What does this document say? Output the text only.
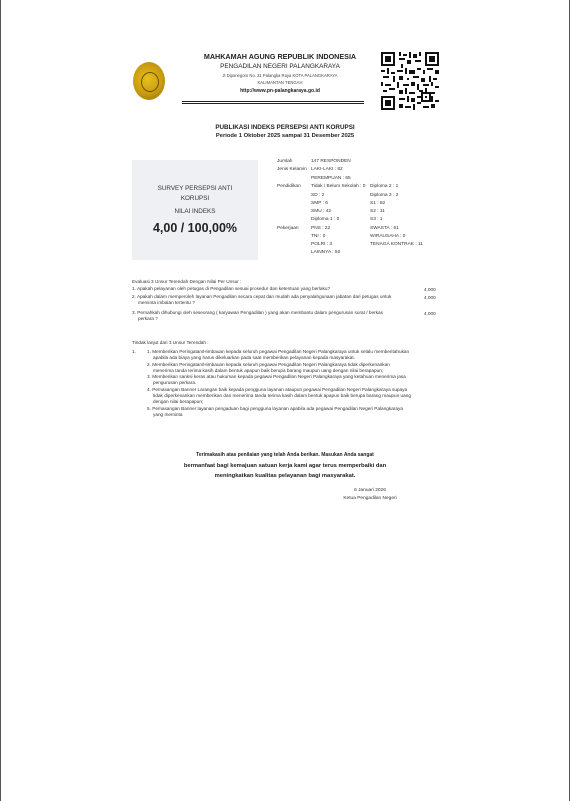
MAHKAMAH AGUNG REPUBLIK INDONESIA
PENGADILAN NEGERI PALANGKARAYA
Jl Diponegoro No. 21 Palangka Raya KOTA PALANGKARAYA
KALIMANTAN TENGAH
http://www.pn-palangkaraya.go.id
PUBLIKASI INDEKS PERSEPSI ANTI KORUPSI
Periode 1 Oktober 2025 sampai 31 Desember 2025
SURVEY PERSEPSI ANTI
KORUPSI
NILAI INDEKS
4,00 / 100,00%
Jumlah	147 RESPONDEN
Jenis Kelamin LAKI-LAKI : 82
PEREMPUAN : 65
Pendidikan Tidak / Belum Sekolah : 0 Diploma 2 : 1
SD : 2	Diploma 3 : 2
SMP : 6	S1 : 82
SMU : 42	S2 : 11
Diploma 1 : 0	S3 : 1
Pekerjaan	PNS : 22	SWASTA : 61
TNI : 0	WIRAUSAHA : 0
POLRI : 3	TENAGA KONTRAK : 11
LAINNYA : 50
Evaluasi 3 Unsur Terendah Dengan Nilai Per Unsur :
1. Apakah pelayanan oleh petugas di Pengadilan sesuai prosedur dan ketentuan yang berlaku?	4.000
2. Apakah dalam memperoleh layanan Pengadilan secara cepat dan mudah ada penyalahgunaan jabatan dari petugas untuk
meminta imbalan tertentu ?
4.000
3. Pernahkah dihubungi oleh seseorang ( karyawan Pengadilan ) yang akan membantu dalam pengurusan surat / berkas
perkara ?
4.000
Tindak lanjut dari 3 Unsur Terendah :
1. 1. Memberikan Peringatan/Himbauan kepada seluruh pegawai Pengadilan Negeri Palangkaraya untuk selalu memberitahukan
apabila ada biaya yang harus dikeluarkan pada saat memberikan pelayanan kepada masyarakat.
2. Memberikan Peringatan/Himbauan kepada seluruh pegawai Pengadilan Negeri Palangkaraya tidak diperkenankan
menerima tanda terima kasih dalam bentuk apapun baik berupa barang maupun uang dengan nilai berapapun;
3. Memberikan sanksi keras atau hukuman kepada pegawai Pengadilan Negeri Palangkaraya yang ketahuan menerima jasa
pengurusan perkara.
4. Pemasangan Banner Larangan baik kepada pengguna layanan ataupun pegawai Pengadilan Negeri Palangkaraya supaya
tidak diperkenankan memberikan dan menerima tanda terima kasih dalam bentuk apapun baik berupa barang maupun uang
dengan nilai berapapun;
5. Pemasangan Banner layanan pengaduan bagi pengguna layanan apabila ada pegawai Pengadilan Negeri Palangkaraya
yang meminta
Terimakasih atas penilaian yang telah Anda berikan. Masukan Anda sangat
bermanfaat bagi kemajuan satuan kerja kami agar terus memperbaiki dan
meningkatkan kualitas pelayanan bagi masyarakat.
6 Januari 2026
Ketua Pengadilan Negeri
